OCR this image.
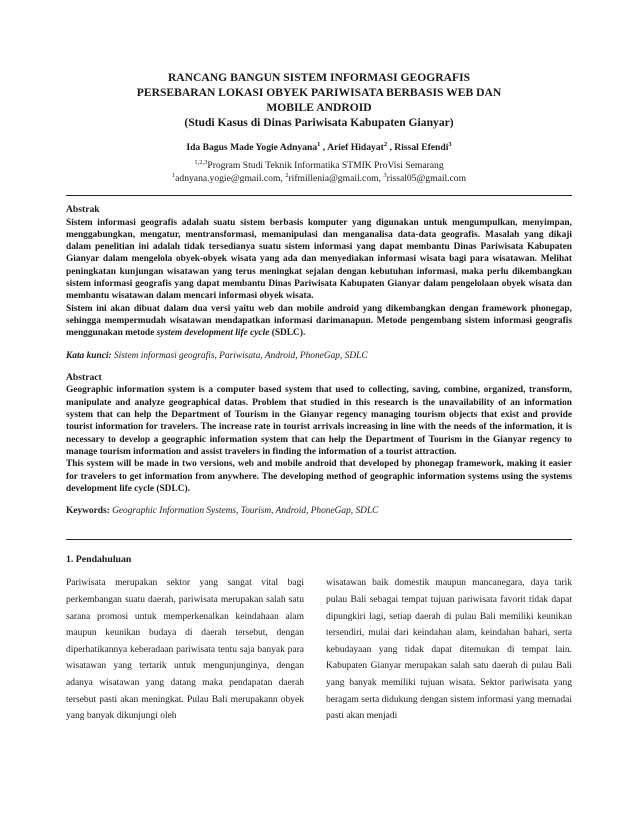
RANCANG BANGUN SISTEM INFORMASI GEOGRAFIS
PERSEBARAN LOKASI OBYEK PARIWISATA BERBASIS WEB DAN
MOBILE ANDROID
(Studi Kasus di Dinas Pariwisata Kabupaten Gianyar)
Ida Bagus Made Yogie Adnyana$^1$ , Arief Hidayat$^2$ , Rissal Efendi$^3$
$^{1,2,3}$Program Studi Teknik Informatika STMIK ProVisi Semarang
$^1$adnyana.yogie@gmail.com, $^2$rifmillenia@gmail.com, $^3$rissal05@gmail.com
Abstrak

Sistem informasi geografis adalah suatu sistem berbasis komputer yang digunakan untuk mengumpulkan, menyimpan, menggabungkan, mengatur, mentransformasi, memanipulasi dan menganalisa data-data geografis. Masalah yang dikaji dalam penelitian ini adalah tidak tersedianya suatu sistem informasi yang dapat membantu Dinas Pariwisata Kabupaten Gianyar dalam mengelola obyek-obyek wisata yang ada dan menyediakan informasi wisata bagi para wisatawan. Melihat peningkatan kunjungan wisatawan yang terus meningkat sejalan dengan kebutuhan informasi, maka perlu dikembangkan sistem informasi geografis yang dapat membantu Dinas Pariwisata Kabupaten Gianyar dalam pengelolaan obyek wisata dan membantu wisatawan dalam mencari informasi obyek wisata.

Sistem ini akan dibuat dalam dua versi yaitu web dan mobile android yang dikembangkan dengan framework phonegap, sehingga mempermudah wisatawan mendapatkan informasi darimanapun. Metode pengembang sistem informasi geografis menggunakan metode system development life cycle (SDLC).

Kata kunci: Sistem informasi geografis, Pariwisata, Android, PhoneGap, SDLC
Abstract

Geographic information system is a computer based system that used to collecting, saving, combine, organized, transform, manipulate and analyze geographical datas. Problem that studied in this research is the unavailability of an information system that can help the Department of Tourism in the Gianyar regency managing tourism objects that exist and provide tourist information for travelers. The increase rate in tourist arrivals increasing in line with the needs of the information, it is necessary to develop a geographic information system that can help the Department of Tourism in the Gianyar regency to manage tourism information and assist travelers in finding the information of a tourist attraction.

This system will be made in two versions, web and mobile android that developed by phonegap framework, making it easier for travelers to get information from anywhere. The developing method of geographic information systems using the systems development life cycle (SDLC).

Keywords: Geographic Information Systems, Tourism, Android, PhoneGap, SDLC
1. Pendahuluan

Pariwisata merupakan sektor yang sangat vital bagi perkembangan suatu daerah, pariwisata merupakan salah satu sarana promosi untuk memperkenalkan keindahaan alam maupun keunikan budaya di daerah tersebut, dengan diperhatikannya keberadaan pariwisata tentu saja banyak para wisatawan yang tertarik untuk mengunjunginya, dengan adanya wisatawan yang datang maka pendapatan daerah tersebut pasti akan meningkat. Pulau Bali merupakann obyek yang banyak dikunjungi oleh

wisatawan baik domestik maupun mancanegara, daya tarik pulau Bali sebagai tempat tujuan pariwisata favorit tidak dapat dipungkiri lagi, setiap daerah di pulau Bali memiliki keunikan tersendiri, mulai dari keindahan alam, keindahan bahari, serta kebudayaan yang tidak dapat ditemukan di tempat lain. Kabupaten Gianyar merupakan salah satu daerah di pulau Bali yang banyak memiliki tujuan wisata. Sektor pariwisata yang beragam serta didukung dengan sistem informasi yang memadai pasti akan menjadi
